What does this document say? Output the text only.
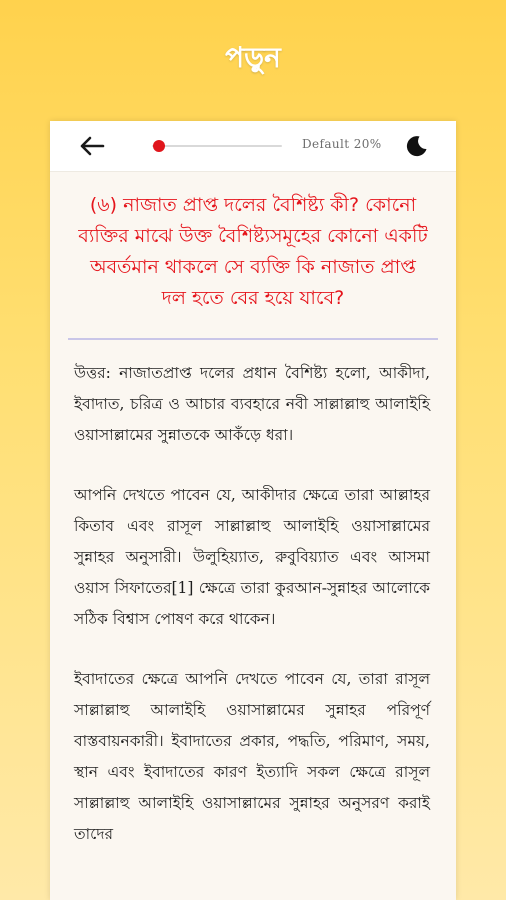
পড়ুন
Default 20%
(৬) নাজাত প্রাপ্ত দলের বৈশিষ্ট্য কী? কোনো ব্যক্তির মাঝে উক্ত বৈশিষ্ট্যসমূহের কোনো একটি অবর্তমান থাকলে সে ব্যক্তি কি নাজাত প্রাপ্ত দল হতে বের হয়ে যাবে?

উত্তর: নাজাতপ্রাপ্ত দলের প্রধান বৈশিষ্ট্য হলো, আকীদা, ইবাদাত, চরিত্র ও আচার ব্যবহারে নবী সাল্লাল্লাহু আলাইহি ওয়াসাল্লামের সুন্নাতকে আকঁড়ে ধরা।

আপনি দেখতে পাবেন যে, আকীদার ক্ষেত্রে তারা আল্লাহর কিতাব এবং রাসূল সাল্লাল্লাহু আলাইহি ওয়াসাল্লামের সুন্নাহর অনুসারী। উলুহিয়্যাত, রুবুবিয়্যাত এবং আসমা ওয়াস সিফাতের[1] ক্ষেত্রে তারা কুরআন-সুন্নাহর আলোকে সঠিক বিশ্বাস পোষণ করে থাকেন।

ইবাদাতের ক্ষেত্রে আপনি দেখতে পাবেন যে, তারা রাসূল সাল্লাল্লাহু আলাইহি ওয়াসাল্লামের সুন্নাহর পরিপূর্ণ বাস্তবায়নকারী। ইবাদাতের প্রকার, পদ্ধতি, পরিমাণ, সময়, স্থান এবং ইবাদাতের কারণ ইত্যাদি সকল ক্ষেত্রে রাসূল সাল্লাল্লাহু আলাইহি ওয়াসাল্লামের সুন্নাহর অনুসরণ করাই তাদের
